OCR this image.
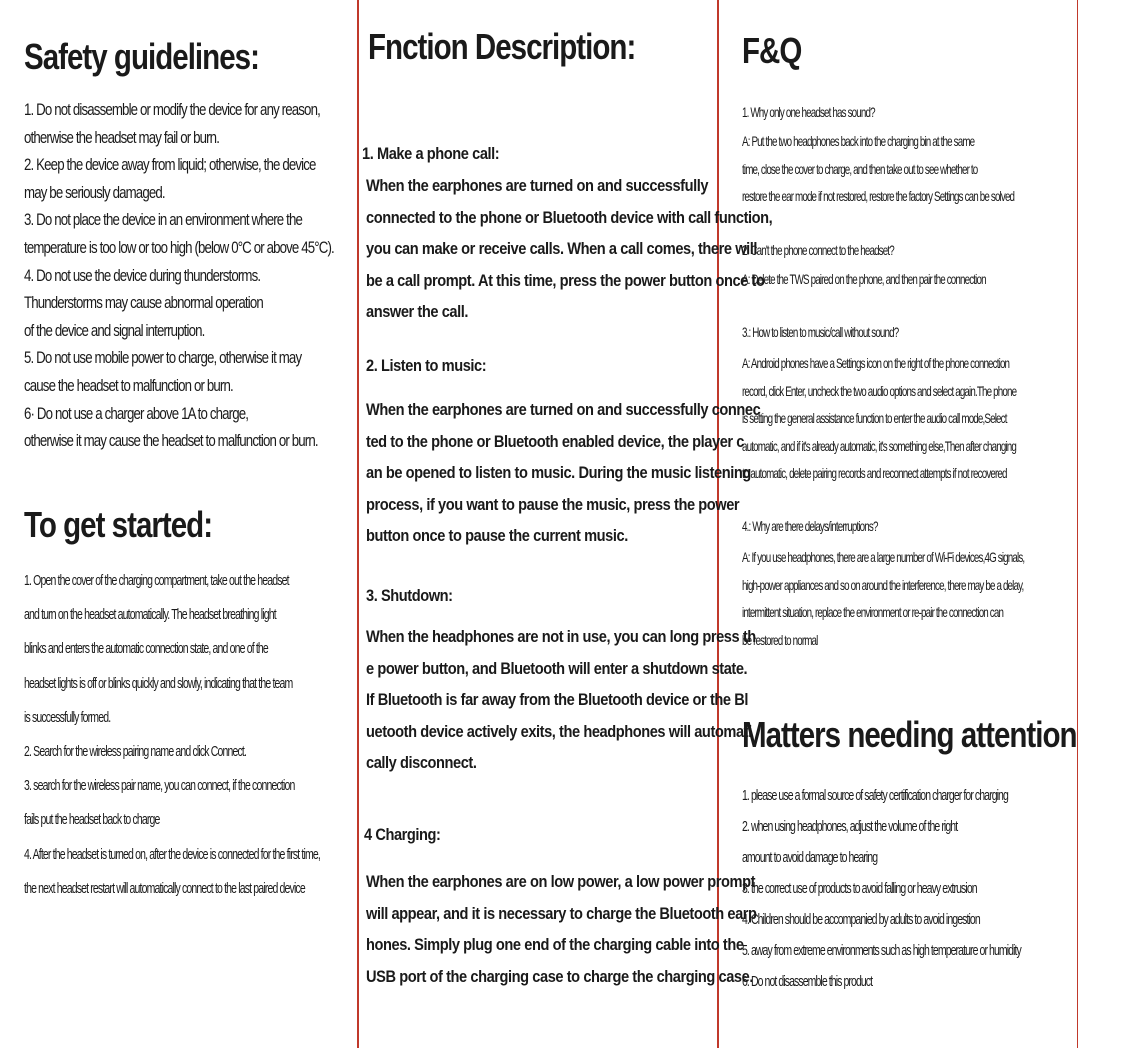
Safety guidelines:
1. Do not disassemble or modify the device for any reason,
otherwise the headset may fail or burn.
2. Keep the device away from liquid; otherwise, the device
may be seriously damaged.
3. Do not place the device in an environment where the
temperature is too low or too high (below 0°C or above 45°C).
4. Do not use the device during thunderstorms.
Thunderstorms may cause abnormal operation
of the device and signal interruption.
5. Do not use mobile power to charge, otherwise it may
cause the headset to malfunction or burn.
6· Do not use a charger above 1A to charge,
otherwise it may cause the headset to malfunction or burn.
To get started:
1. Open the cover of the charging compartment, take out the headset
and turn on the headset automatically. The headset breathing light
blinks and enters the automatic connection state, and one of the
headset lights is off or blinks quickly and slowly, indicating that the team
is successfully formed.
2. Search for the wireless pairing name and click Connect.
3. search for the wireless pair name, you can connect, if the connection
fails put the headset back to charge
4. After the headset is turned on, after the device is connected for the first time,
the next headset restart will automatically connect to the last paired device
Fnction Description:
1. Make a phone call:
When the earphones are turned on and successfully
connected to the phone or Bluetooth device with call function,
you can make or receive calls. When a call comes, there will
be a call prompt. At this time, press the power button once to
answer the call.
2. Listen to music:
When the earphones are turned on and successfully connec
ted to the phone or Bluetooth enabled device, the player c
an be opened to listen to music. During the music listening
process, if you want to pause the music, press the power
button once to pause the current music.
3. Shutdown:
When the headphones are not in use, you can long press th
e power button, and Bluetooth will enter a shutdown state.
If Bluetooth is far away from the Bluetooth device or the Bl
uetooth device actively exits, the headphones will automati
cally disconnect.
4 Charging:
When the earphones are on low power, a low power prompt
will appear, and it is necessary to charge the Bluetooth earp
hones. Simply plug one end of the charging cable into the
USB port of the charging case to charge the charging case.
F&Q
1. Why only one headset has sound?
A: Put the two headphones back into the charging bin at the same
time, close the cover to charge, and then take out to see whether to
restore the ear mode if not restored, restore the factory Settings can be solved
2. Can't the phone connect to the headset?
A: Delete the TWS paired on the phone, and then pair the connection
3.: How to listen to music/call without sound?
A: Android phones have a Settings icon on the right of the phone connection
record, click Enter, uncheck the two audio options and select again.The phone
is setting the general assistance function to enter the audio call mode,Select
automatic, and if it's already automatic, it's something else,Then after changing
to automatic, delete pairing records and reconnect attempts if not recovered
4.: Why are there delays/interruptions?
A: If you use headphones, there are a large number of Wi-Fi devices,4G signals,
high-power appliances and so on around the interference, there may be a delay,
intermittent situation, replace the environment or re-pair the connection can
be restored to normal
Matters needing attention
1. please use a formal source of safety certification charger for charging
2. when using headphones, adjust the volume of the right
amount to avoid damage to hearing
3. the correct use of products to avoid falling or heavy extrusion
4. Children should be accompanied by adults to avoid ingestion
5. away from extreme environments such as high temperature or humidity
6. Do not disassemble this product
